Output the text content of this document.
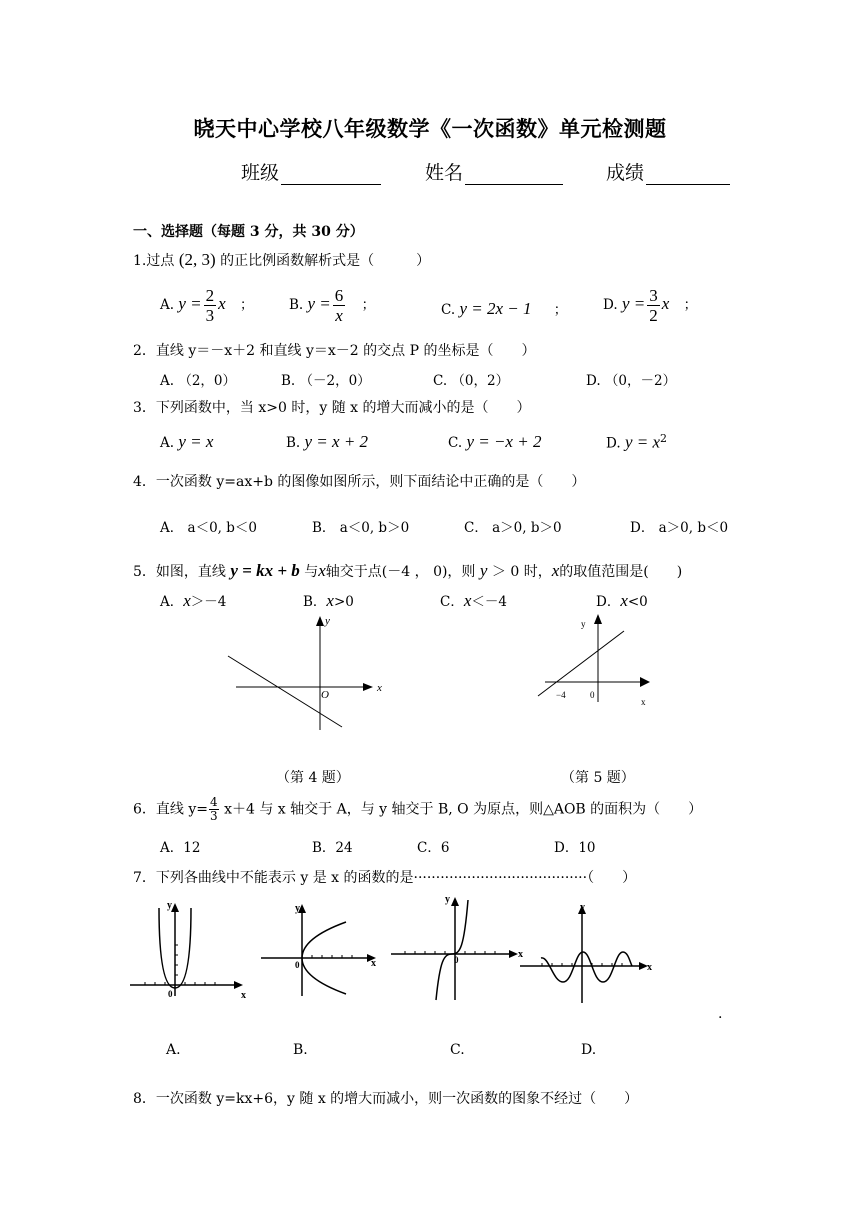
晓天中心学校八年级数学《一次函数》单元检测题
班级	姓名	成绩
一、选择题（每题 3 分，共 30 分）
1.过点 (2, 3) 的正比例函数解析式是（　　　）
A. $y = \frac{2}{3}$ x ；	B. $y = \frac{6}{x}$ ；	C. y = 2x − 1 ；	D. $y = \frac{3}{2}$ x ；
2．直线 y＝－x＋2 和直线 y＝x－2 的交点 P 的坐标是（　　）
A. （2，0）	B. （－2，0）	C. （0，2）	D. （0，－2）
3．下列函数中，当 x>0 时，y 随 x 的增大而减小的是（　　）
A. y = x	B. y = x + 2	C. y = −x + 2	D. $y = x^2$
4．一次函数 y=ax+b 的图像如图所示，则下面结论中正确的是（　　）
A． a＜0, b＜0	B． a＜0, b＞0	C． a＞0, b＞0	D． a＞0, b＜0
5．如图，直线 y = kx + b 与x轴交于点(－4 ， 0)，则 y ＞ 0 时，x的取值范围是(　　)
A．x＞－4	B．x>0	C．x＜－4	D．x<0
y
x
O
y
x
0
−4
（第 4 题）	（第 5 题）
6．直线 $y= \frac{4}{3} x+4$ 与 x 轴交于 A，与 y 轴交于 B, O 为原点，则△AOB 的面积为（　　）
A．12	B．24	C．6	D．10
7．下列各曲线中不能表示 y 是 x 的函数的是·······································（　　）
y
x
0
y
x
0
y
x
0
y
x
.
A.	B.	C.	D.
8．一次函数 y=kx+6，y 随 x 的增大而减小，则一次函数的图象不经过（　　）
